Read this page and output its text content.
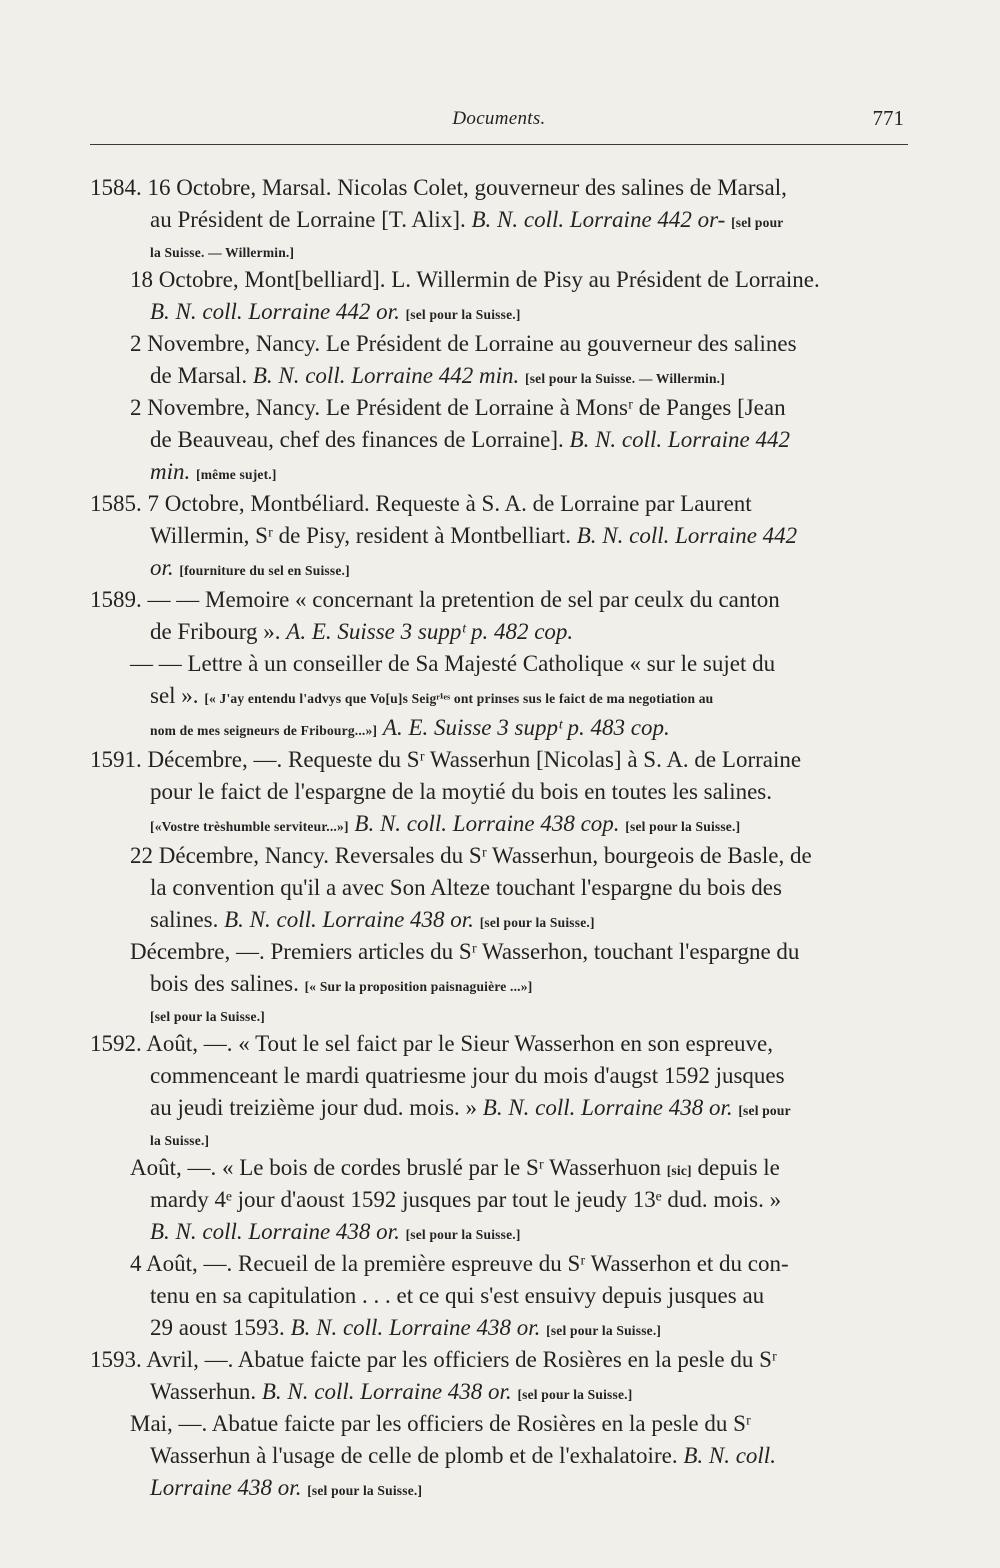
Documents.	771
1584. 16 Octobre, Marsal. Nicolas Colet, gouverneur des salines de Marsal,
au Président de Lorraine [T. Alix]. B. N. coll. Lorraine 442 or- [sel pour
la Suisse. — Willermin.]
18 Octobre, Mont[belliard]. L. Willermin de Pisy au Président de Lorraine.
B. N. coll. Lorraine 442 or. [sel pour la Suisse.]
2 Novembre, Nancy. Le Président de Lorraine au gouverneur des salines
de Marsal. B. N. coll. Lorraine 442 min. [sel pour la Suisse. — Willermin.]
2 Novembre, Nancy. Le Président de Lorraine à Monsʳ de Panges [Jean
de Beauveau, chef des finances de Lorraine]. B. N. coll. Lorraine 442
min. [même sujet.]
1585. 7 Octobre, Montbéliard. Requeste à S. A. de Lorraine par Laurent
Willermin, Sʳ de Pisy, resident à Montbelliart. B. N. coll. Lorraine 442
or. [fourniture du sel en Suisse.]
1589. — — Memoire « concernant la pretention de sel par ceulx du canton
de Fribourg ». A. E. Suisse 3 suppᵗ p. 482 cop.
— — Lettre à un conseiller de Sa Majesté Catholique « sur le sujet du
sel ». [« J'ay entendu l'advys que Vo[u]s Seigʳⁱᵉˢ ont prinses sus le faict de ma negotiation au
nom de mes seigneurs de Fribourg...»] A. E. Suisse 3 suppᵗ p. 483 cop.
1591. Décembre, —. Requeste du Sʳ Wasserhun [Nicolas] à S. A. de Lorraine
pour le faict de l'espargne de la moytié du bois en toutes les salines.
[«Vostre trèshumble serviteur...»] B. N. coll. Lorraine 438 cop. [sel pour la Suisse.]
22 Décembre, Nancy. Reversales du Sʳ Wasserhun, bourgeois de Basle, de
la convention qu'il a avec Son Alteze touchant l'espargne du bois des
salines. B. N. coll. Lorraine 438 or. [sel pour la Suisse.]
Décembre, —. Premiers articles du Sʳ Wasserhon, touchant l'espargne du
bois des salines. [« Sur la proposition paisnaguière ...»]
[sel pour la Suisse.]
1592. Août, —. « Tout le sel faict par le Sieur Wasserhon en son espreuve,
commenceant le mardi quatriesme jour du mois d'augst 1592 jusques
au jeudi treizième jour dud. mois. » B. N. coll. Lorraine 438 or. [sel pour
la Suisse.]
Août, —. « Le bois de cordes bruslé par le Sʳ Wasserhuon [sic] depuis le
mardy 4ᵉ jour d'aoust 1592 jusques par tout le jeudy 13ᵉ dud. mois. »
B. N. coll. Lorraine 438 or. [sel pour la Suisse.]
4 Août, —. Recueil de la première espreuve du Sʳ Wasserhon et du con-
tenu en sa capitulation . . . et ce qui s'est ensuivy depuis jusques au
29 aoust 1593. B. N. coll. Lorraine 438 or. [sel pour la Suisse.]
1593. Avril, —. Abatue faicte par les officiers de Rosières en la pesle du Sʳ
Wasserhun. B. N. coll. Lorraine 438 or. [sel pour la Suisse.]
Mai, —. Abatue faicte par les officiers de Rosières en la pesle du Sʳ
Wasserhun à l'usage de celle de plomb et de l'exhalatoire. B. N. coll.
Lorraine 438 or. [sel pour la Suisse.]
